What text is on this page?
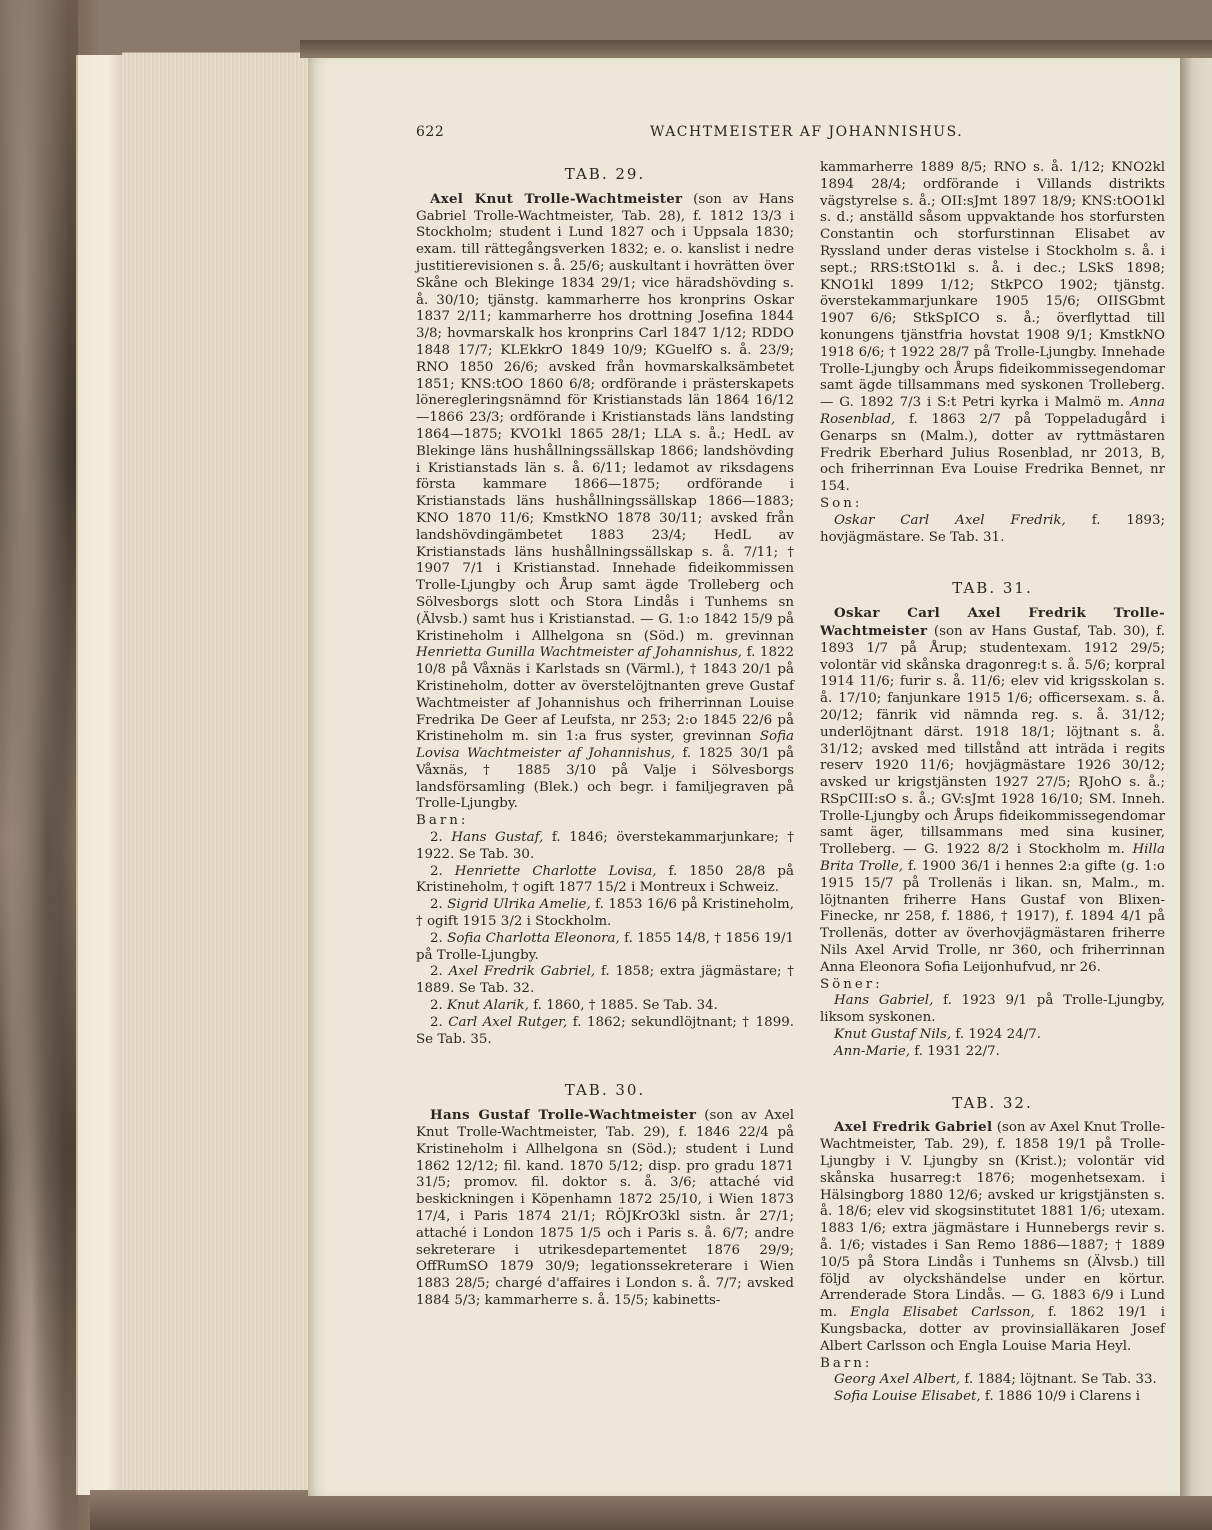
622	WACHTMEISTER AF JOHANNISHUS.
TAB. 29.

Axel Knut Trolle-Wachtmeister (son av Hans Gabriel Trolle-Wachtmeister, Tab. 28), f. 1812 13/3 i Stockholm; student i Lund 1827 och i Uppsala 1830; exam. till rättegångsverken 1832; e. o. kanslist i nedre justitierevisionen s. å. 25/6; auskultant i hovrätten över Skåne och Blekinge 1834 29/1; vice häradshövding s. å. 30/10; tjänstg. kammarherre hos kronprins Oskar 1837 2/11; kammarherre hos drottning Josefina 1844 3/8; hovmarskalk hos kronprins Carl 1847 1/12; RDDO 1848 17/7; KLEkkrO 1849 10/9; KGuelfO s. å. 23/9; RNO 1850 26/6; avsked från hovmarskalksämbetet 1851; KNS:tOO 1860 6/8; ordförande i prästerskapets löneregleringsnämnd för Kristianstads län 1864 16/12—1866 23/3; ordförande i Kristianstads läns landsting 1864—1875; KVO1kl 1865 28/1; LLA s. å.; HedL av Blekinge läns hushållningssällskap 1866; landshövding i Kristianstads län s. å. 6/11; ledamot av riksdagens första kammare 1866—1875; ordförande i Kristianstads läns hushållningssällskap 1866—1883; KNO 1870 11/6; KmstkNO 1878 30/11; avsked från landshövdingämbetet 1883 23/4; HedL av Kristianstads läns hushållningssällskap s. å. 7/11; † 1907 7/1 i Kristianstad. Innehade fideikommissen Trolle-Ljungby och Årup samt ägde Trolleberg och Sölvesborgs slott och Stora Lindås i Tunhems sn (Älvsb.) samt hus i Kristianstad. — G. 1:o 1842 15/9 på Kristineholm i Allhelgona sn (Söd.) m. grevinnan Henrietta Gunilla Wachtmeister af Johannishus, f. 1822 10/8 på Våxnäs i Karlstads sn (Värml.), † 1843 20/1 på Kristineholm, dotter av överstelöjtnanten greve Gustaf Wachtmeister af Johannishus och friherrinnan Louise Fredrika De Geer af Leufsta, nr 253; 2:o 1845 22/6 på Kristineholm m. sin 1:a frus syster, grevinnan Sofia Lovisa Wachtmeister af Johannishus, f. 1825 30/1 på Våxnäs, † 1885 3/10 på Valje i Sölvesborgs landsförsamling (Blek.) och begr. i familjegraven på Trolle-Ljungby.

Barn:

2. Hans Gustaf, f. 1846; överstekammarjunkare; † 1922. Se Tab. 30.

2. Henriette Charlotte Lovisa, f. 1850 28/8 på Kristineholm, † ogift 1877 15/2 i Montreux i Schweiz.

2. Sigrid Ulrika Amelie, f. 1853 16/6 på Kristineholm, † ogift 1915 3/2 i Stockholm.

2. Sofia Charlotta Eleonora, f. 1855 14/8, † 1856 19/1 på Trolle-Ljungby.

2. Axel Fredrik Gabriel, f. 1858; extra jägmästare; † 1889. Se Tab. 32.

2. Knut Alarik, f. 1860, † 1885. Se Tab. 34.

2. Carl Axel Rutger, f. 1862; sekundlöjtnant; † 1899. Se Tab. 35.

TAB. 30.

Hans Gustaf Trolle-Wachtmeister (son av Axel Knut Trolle-Wachtmeister, Tab. 29), f. 1846 22/4 på Kristineholm i Allhelgona sn (Söd.); student i Lund 1862 12/12; fil. kand. 1870 5/12; disp. pro gradu 1871 31/5; promov. fil. doktor s. å. 3/6; attaché vid beskickningen i Köpenhamn 1872 25/10, i Wien 1873 17/4, i Paris 1874 21/1; RÖJKrO3kl sistn. år 27/1; attaché i London 1875 1/5 och i Paris s. å. 6/7; andre sekreterare i utrikesdepartementet 1876 29/9; OffRumSO 1879 30/9; legationssekreterare i Wien 1883 28/5; chargé d'affaires i London s. å. 7/7; avsked 1884 5/3; kammarherre s. å. 15/5; kabinetts-

kammarherre 1889 8/5; RNO s. å. 1/12; KNO2kl 1894 28/4; ordförande i Villands distrikts vägstyrelse s. å.; OII:sJmt 1897 18/9; KNS:tOO1kl s. d.; anställd såsom uppvaktande hos storfursten Constantin och storfurstinnan Elisabet av Ryssland under deras vistelse i Stockholm s. å. i sept.; RRS:tStO1kl s. å. i dec.; LSkS 1898; KNO1kl 1899 1/12; StkPCO 1902; tjänstg. överstekammarjunkare 1905 15/6; OIISGbmt 1907 6/6; StkSpICO s. å.; överflyttad till konungens tjänstfria hovstat 1908 9/1; KmstkNO 1918 6/6; † 1922 28/7 på Trolle-Ljungby. Innehade Trolle-Ljungby och Årups fideikommissegendomar samt ägde tillsammans med syskonen Trolleberg. — G. 1892 7/3 i S:t Petri kyrka i Malmö m. Anna Rosenblad, f. 1863 2/7 på Toppeladugård i Genarps sn (Malm.), dotter av ryttmästaren Fredrik Eberhard Julius Rosenblad, nr 2013, B, och friherrinnan Eva Louise Fredrika Bennet, nr 154.

Son:

Oskar Carl Axel Fredrik, f. 1893; hovjägmästare. Se Tab. 31.

TAB. 31.

Oskar Carl Axel Fredrik Trolle-Wachtmeister (son av Hans Gustaf, Tab. 30), f. 1893 1/7 på Årup; studentexam. 1912 29/5; volontär vid skånska dragonreg:t s. å. 5/6; korpral 1914 11/6; furir s. å. 11/6; elev vid krigsskolan s. å. 17/10; fanjunkare 1915 1/6; officersexam. s. å. 20/12; fänrik vid nämnda reg. s. å. 31/12; underlöjtnant därst. 1918 18/1; löjtnant s. å. 31/12; avsked med tillstånd att inträda i regits reserv 1920 11/6; hovjägmästare 1926 30/12; avsked ur krigstjänsten 1927 27/5; RJohO s. å.; RSpCIII:sO s. å.; GV:sJmt 1928 16/10; SM. Inneh. Trolle-Ljungby och Årups fideikommissegendomar samt äger, tillsammans med sina kusiner, Trolleberg. — G. 1922 8/2 i Stockholm m. Hilla Brita Trolle, f. 1900 36/1 i hennes 2:a gifte (g. 1:o 1915 15/7 på Trollenäs i likan. sn, Malm., m. löjtnanten friherre Hans Gustaf von Blixen-Finecke, nr 258, f. 1886, † 1917), f. 1894 4/1 på Trollenäs, dotter av överhovjägmästaren friherre Nils Axel Arvid Trolle, nr 360, och friherrinnan Anna Eleonora Sofia Leijonhufvud, nr 26.

Söner:

Hans Gabriel, f. 1923 9/1 på Trolle-Ljungby, liksom syskonen.

Knut Gustaf Nils, f. 1924 24/7.

Ann-Marie, f. 1931 22/7.

TAB. 32.

Axel Fredrik Gabriel (son av Axel Knut Trolle-Wachtmeister, Tab. 29), f. 1858 19/1 på Trolle-Ljungby i V. Ljungby sn (Krist.); volontär vid skånska husarreg:t 1876; mogenhetsexam. i Hälsingborg 1880 12/6; avsked ur krigstjänsten s. å. 18/6; elev vid skogsinstitutet 1881 1/6; utexam. 1883 1/6; extra jägmästare i Hunnebergs revir s. å. 1/6; vistades i San Remo 1886—1887; † 1889 10/5 på Stora Lindås i Tunhems sn (Älvsb.) till följd av olyckshändelse under en körtur. Arrenderade Stora Lindås. — G. 1883 6/9 i Lund m. Engla Elisabet Carlsson, f. 1862 19/1 i Kungsbacka, dotter av provinsialläkaren Josef Albert Carlsson och Engla Louise Maria Heyl.

Barn:

Georg Axel Albert, f. 1884; löjtnant. Se Tab. 33.

Sofia Louise Elisabet, f. 1886 10/9 i Clarens i
